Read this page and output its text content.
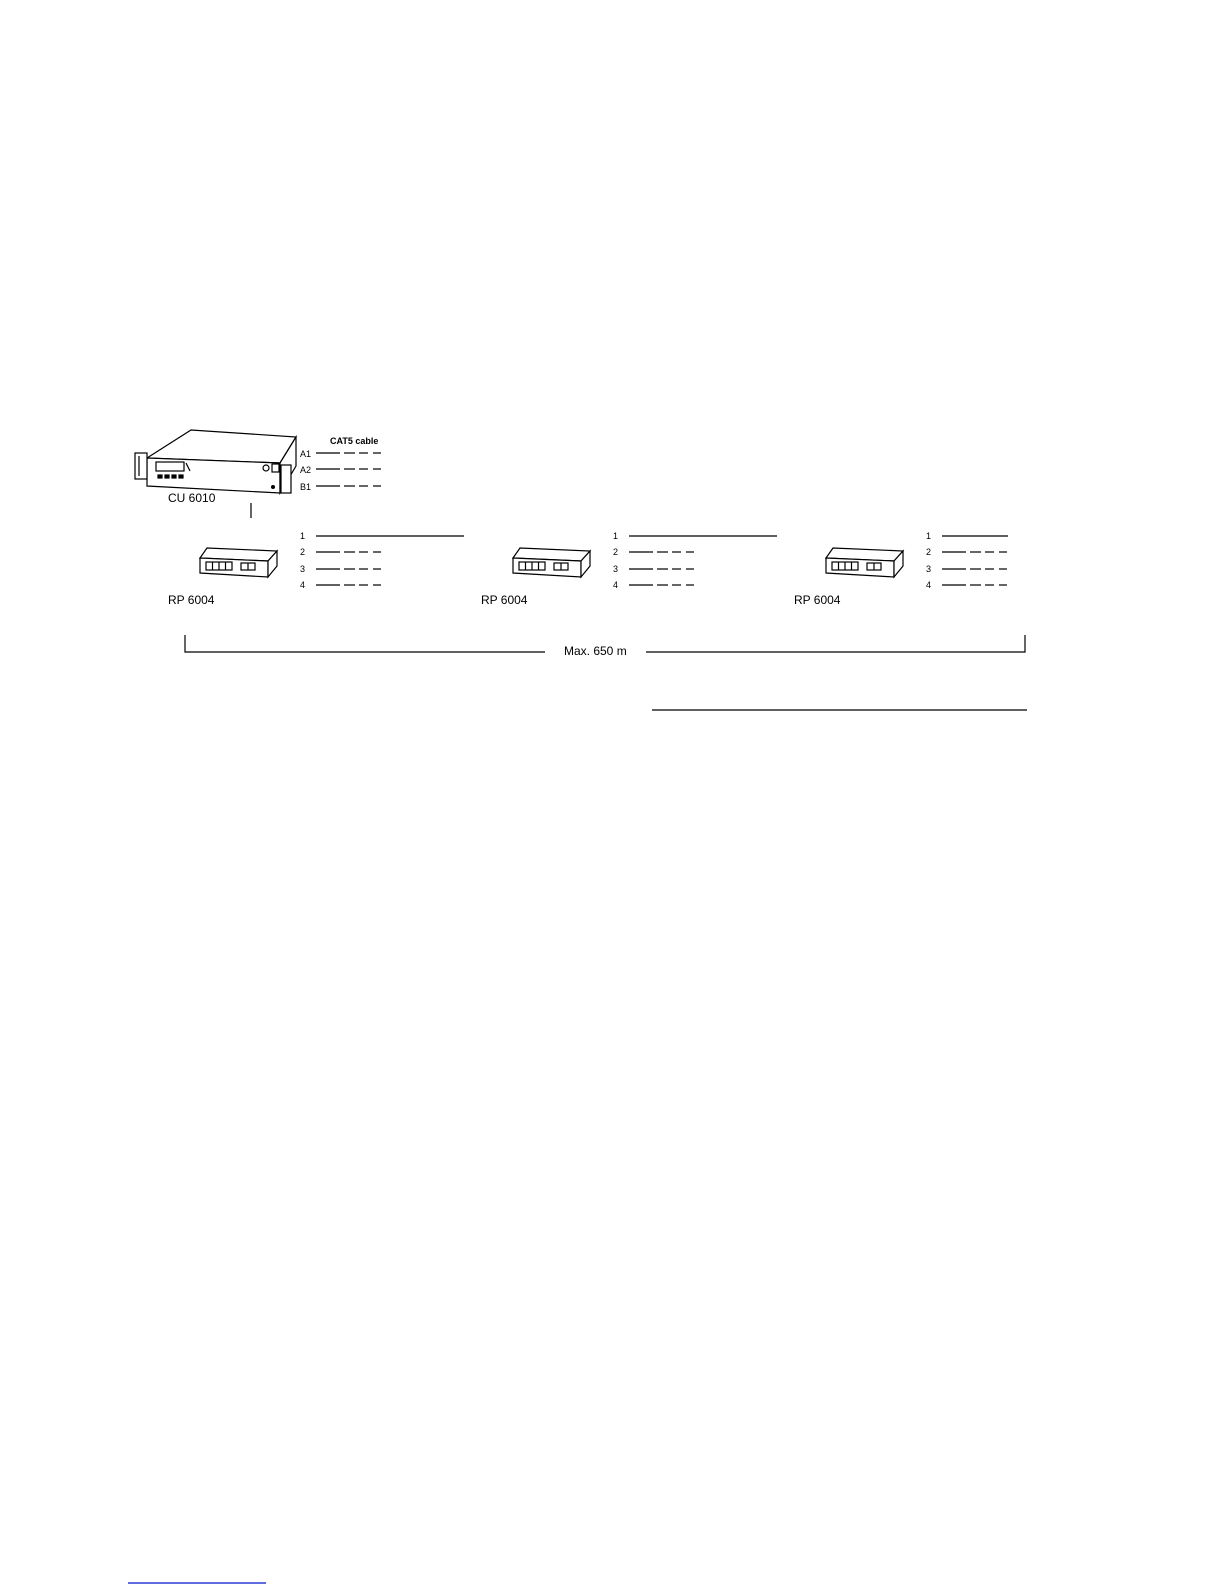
CAT5 cable
A1
A2
B1
CU 6010
1
2
3
4
RP 6004
1
2
3
4
RP 6004
1
2
3
4
RP 6004
Max. 650 m
